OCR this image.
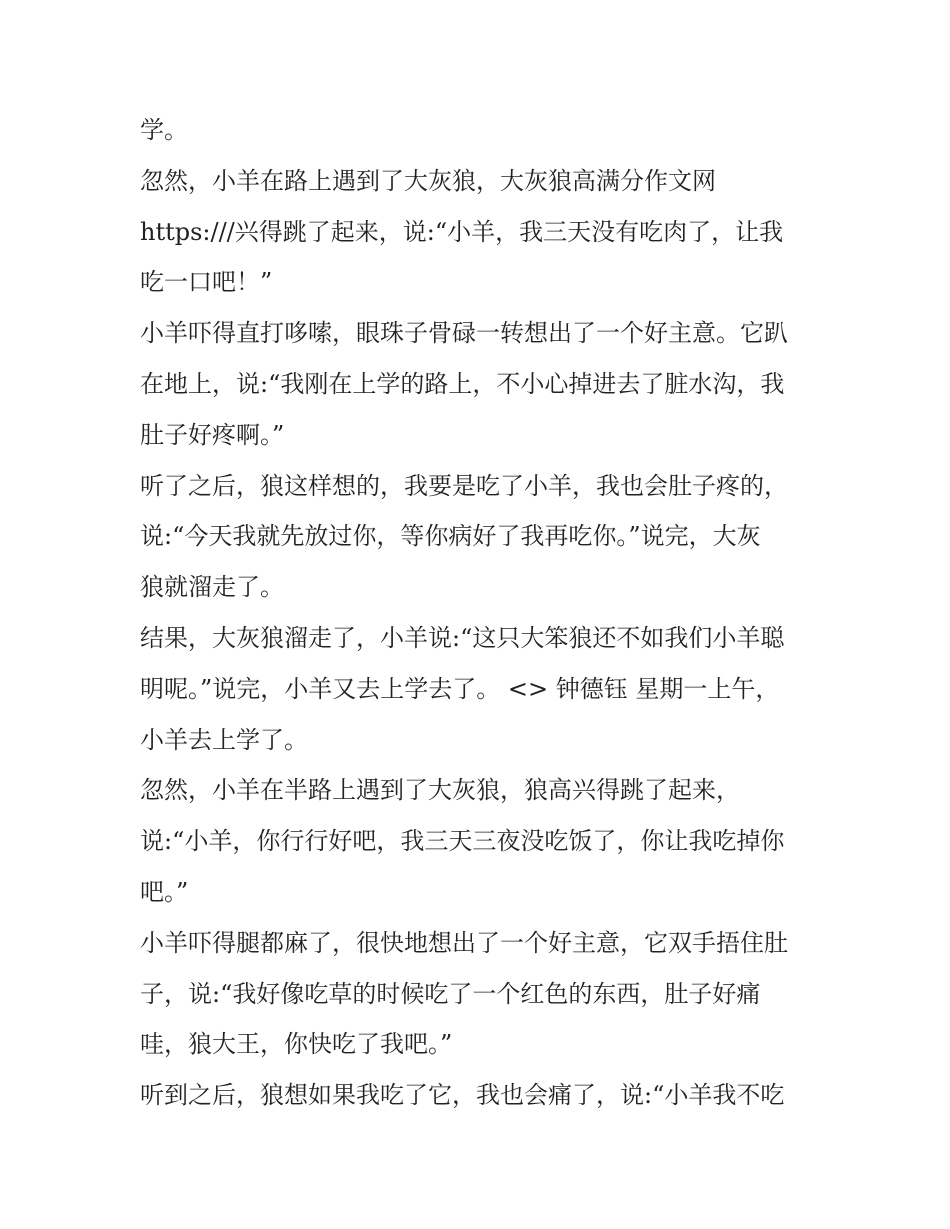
学。
忽然，小羊在路上遇到了大灰狼，大灰狼高满分作文网
https:///兴得跳了起来，说:“小羊，我三天没有吃肉了，让我
吃一口吧！”
小羊吓得直打哆嗦，眼珠子骨碌一转想出了一个好主意。它趴
在地上，说:“我刚在上学的路上，不小心掉进去了脏水沟，我
肚子好疼啊。”
听了之后，狼这样想的，我要是吃了小羊，我也会肚子疼的，
说:“今天我就先放过你，等你病好了我再吃你。”说完，大灰
狼就溜走了。
结果，大灰狼溜走了，小羊说:“这只大笨狼还不如我们小羊聪
明呢。”说完，小羊又去上学去了。 <> 钟德钰 星期一上午，
小羊去上学了。
忽然，小羊在半路上遇到了大灰狼，狼高兴得跳了起来，
说:“小羊，你行行好吧，我三天三夜没吃饭了，你让我吃掉你
吧。”
小羊吓得腿都麻了，很快地想出了一个好主意，它双手捂住肚
子，说:“我好像吃草的时候吃了一个红色的东西，肚子好痛
哇，狼大王，你快吃了我吧。”
听到之后，狼想如果我吃了它，我也会痛了，说:“小羊我不吃
